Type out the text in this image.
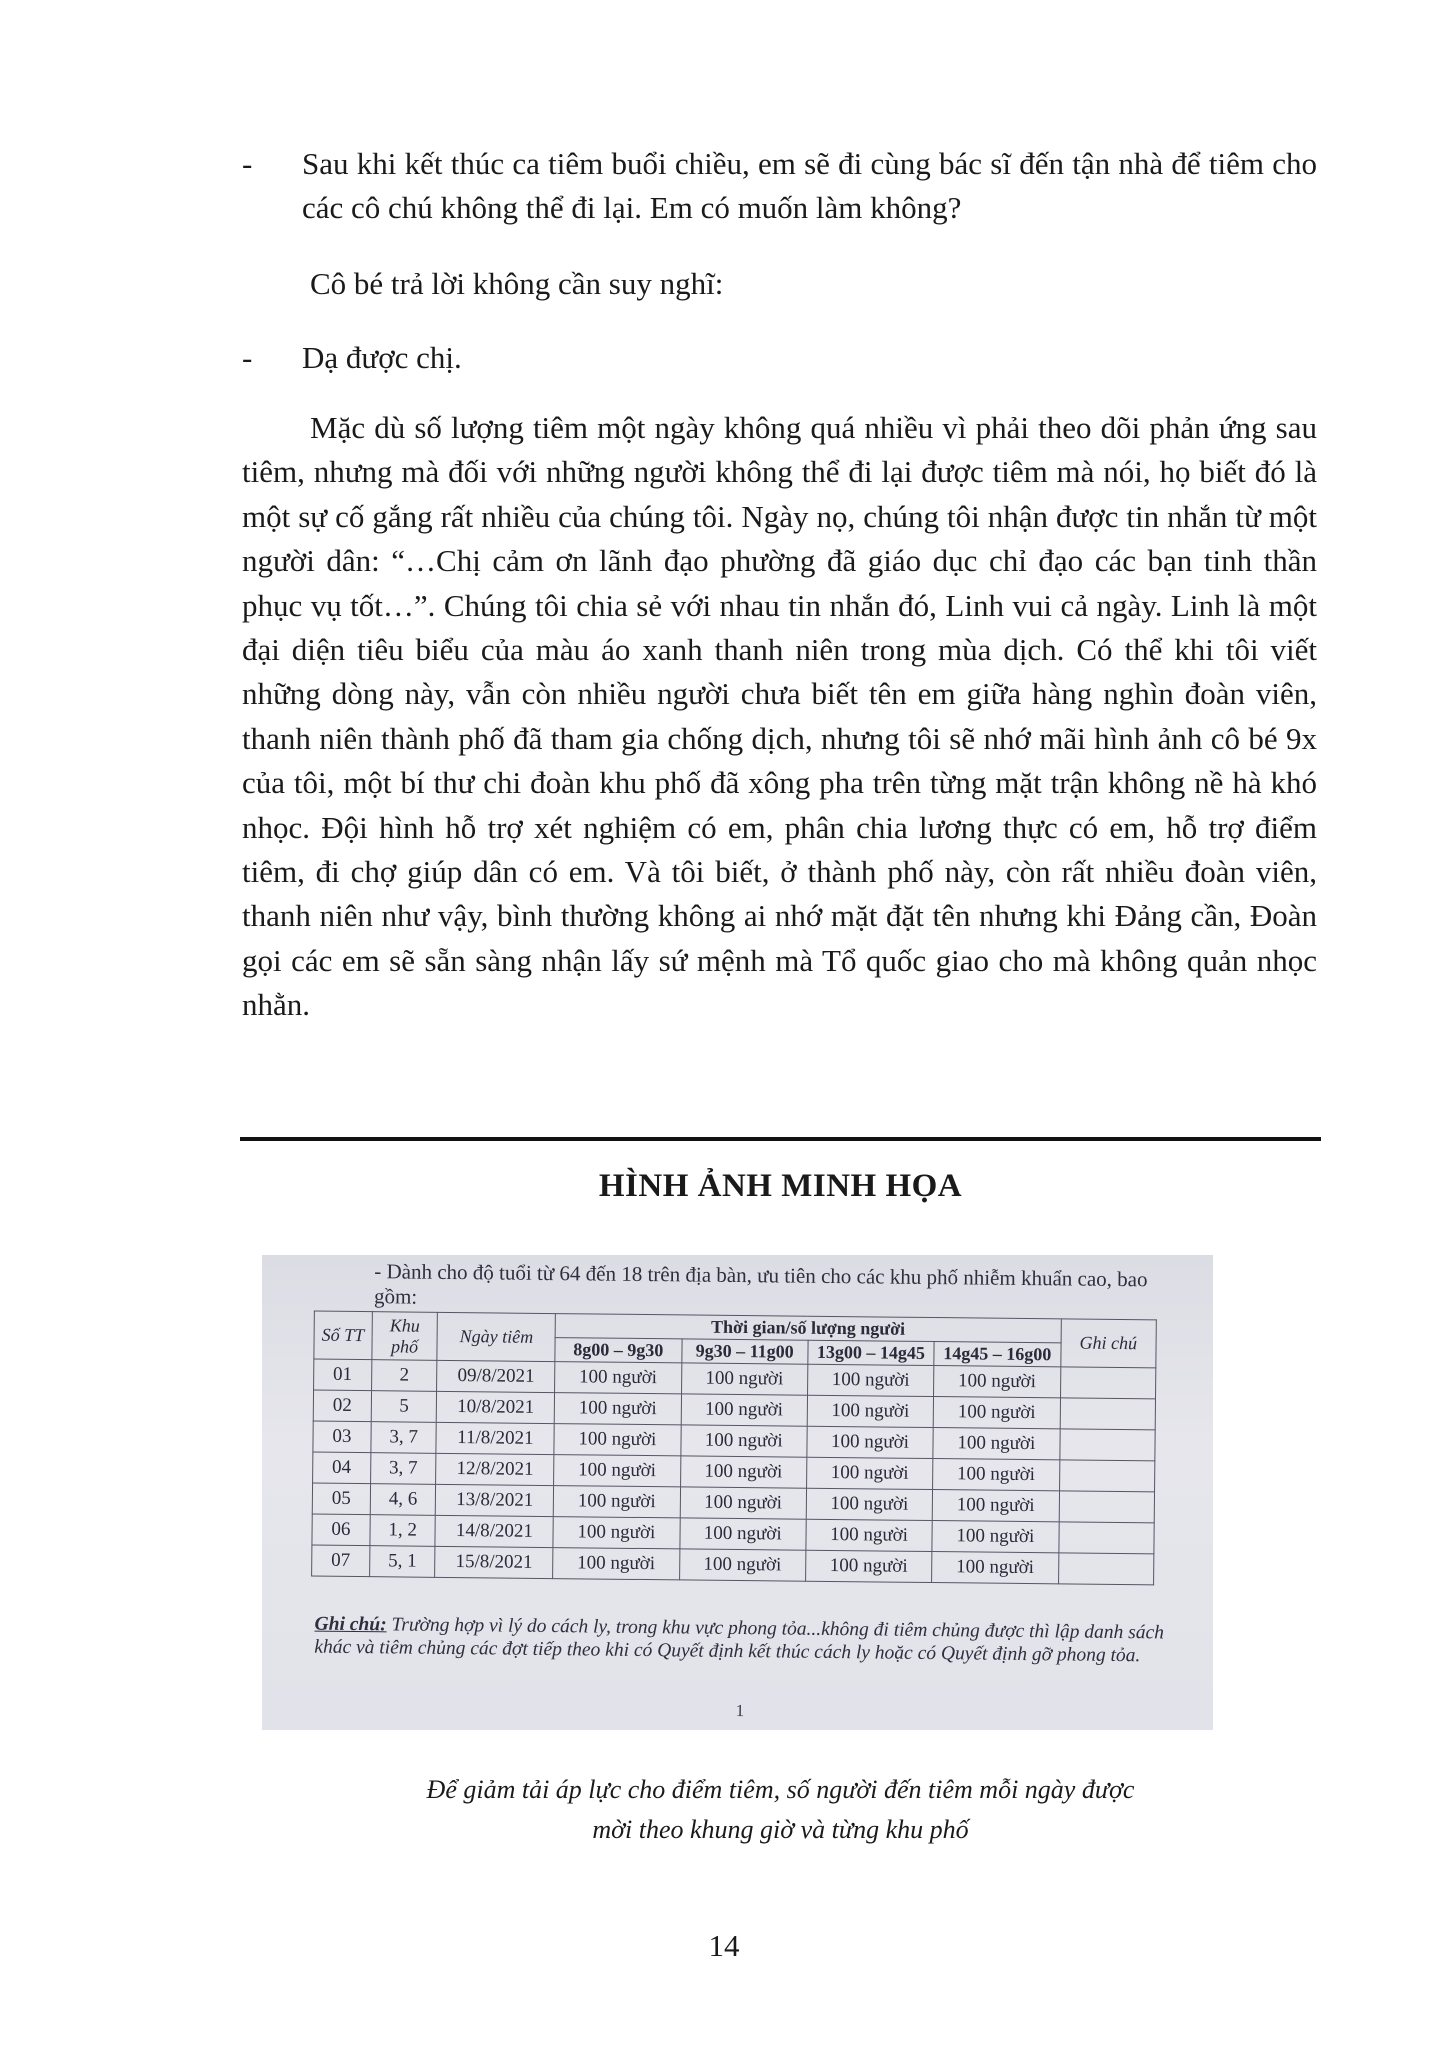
- Sau khi kết thúc ca tiêm buổi chiều, em sẽ đi cùng bác sĩ đến tận nhà để tiêm cho các cô chú không thể đi lại. Em có muốn làm không?
Cô bé trả lời không cần suy nghĩ:
- Dạ được chị.
Mặc dù số lượng tiêm một ngày không quá nhiều vì phải theo dõi phản ứng sau tiêm, nhưng mà đối với những người không thể đi lại được tiêm mà nói, họ biết đó là một sự cố gắng rất nhiều của chúng tôi. Ngày nọ, chúng tôi nhận được tin nhắn từ một người dân: “…Chị cảm ơn lãnh đạo phường đã giáo dục chỉ đạo các bạn tinh thần phục vụ tốt…”. Chúng tôi chia sẻ với nhau tin nhắn đó, Linh vui cả ngày. Linh là một đại diện tiêu biểu của màu áo xanh thanh niên trong mùa dịch. Có thể khi tôi viết những dòng này, vẫn còn nhiều người chưa biết tên em giữa hàng nghìn đoàn viên, thanh niên thành phố đã tham gia chống dịch, nhưng tôi sẽ nhớ mãi hình ảnh cô bé 9x của tôi, một bí thư chi đoàn khu phố đã xông pha trên từng mặt trận không nề hà khó nhọc. Đội hình hỗ trợ xét nghiệm có em, phân chia lương thực có em, hỗ trợ điểm tiêm, đi chợ giúp dân có em. Và tôi biết, ở thành phố này, còn rất nhiều đoàn viên, thanh niên như vậy, bình thường không ai nhớ mặt đặt tên nhưng khi Đảng cần, Đoàn gọi các em sẽ sẵn sàng nhận lấy sứ mệnh mà Tổ quốc giao cho mà không quản nhọc nhằn.
HÌNH ẢNH MINH HỌA
- Dành cho độ tuổi từ 64 đến 18 trên địa bàn, ưu tiên cho các khu phố nhiễm khuẩn cao, bao gồm:
Số TT	Khu phố	Ngày tiêm	Thời gian/số lượng người				Ghi chú
			8g00 – 9g30	9g30 – 11g00	13g00 – 14g45	14g45 – 16g00	
01	2	09/8/2021	100 người	100 người	100 người	100 người	
02	5	10/8/2021	100 người	100 người	100 người	100 người	
03	3, 7	11/8/2021	100 người	100 người	100 người	100 người	
04	3, 7	12/8/2021	100 người	100 người	100 người	100 người	
05	4, 6	13/8/2021	100 người	100 người	100 người	100 người	
06	1, 2	14/8/2021	100 người	100 người	100 người	100 người	
07	5, 1	15/8/2021	100 người	100 người	100 người	100 người	
Ghi chú: Trường hợp vì lý do cách ly, trong khu vực phong tỏa...không đi tiêm chủng được thì lập danh sách khác và tiêm chủng các đợt tiếp theo khi có Quyết định kết thúc cách ly hoặc có Quyết định gỡ phong tỏa.
1
Để giảm tải áp lực cho điểm tiêm, số người đến tiêm mỗi ngày được
mời theo khung giờ và từng khu phố
14
